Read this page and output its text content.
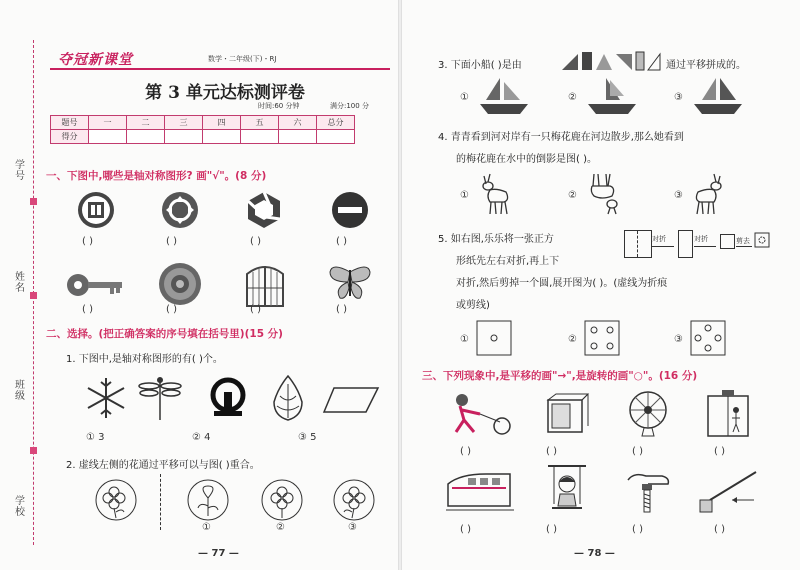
学号
姓名
班级
学校
夺冠新课堂	数学・二年级(下)・RJ
第 3 单元达标测评卷
时间:60 分钟	满分:100 分
题号	一	二	三	四	五	六	总分
得分							
一、下图中,哪些是轴对称图形? 画"√"。(8 分)
( )	( )	( )	( )
( )	( )	( )	( )
二、选择。(把正确答案的序号填在括号里)(15 分)
1. 下图中,是轴对称图形的有( )个。
① 3	② 4	③ 5
2. 虚线左侧的花通过平移可以与图( )重合。
①	②	③
— 77 —
3. 下面小船( )是由	通过平移拼成的。
①	②	③
4. 青青看到河对岸有一只梅花鹿在河边散步,那么她看到
的梅花鹿在水中的倒影是图( )。
①	②	③
5. 如右图,乐乐将一张正方
形纸先左右对折,再上下
对折,然后剪掉一个圆,展开图为( )。(虚线为折痕
或剪线)
对折	对折	剪去
①	②	③
三、下列现象中,是平移的画"→",是旋转的画"○"。(16 分)
( )	( )	( )	( )
( )	( )	( )	( )
— 78 —
